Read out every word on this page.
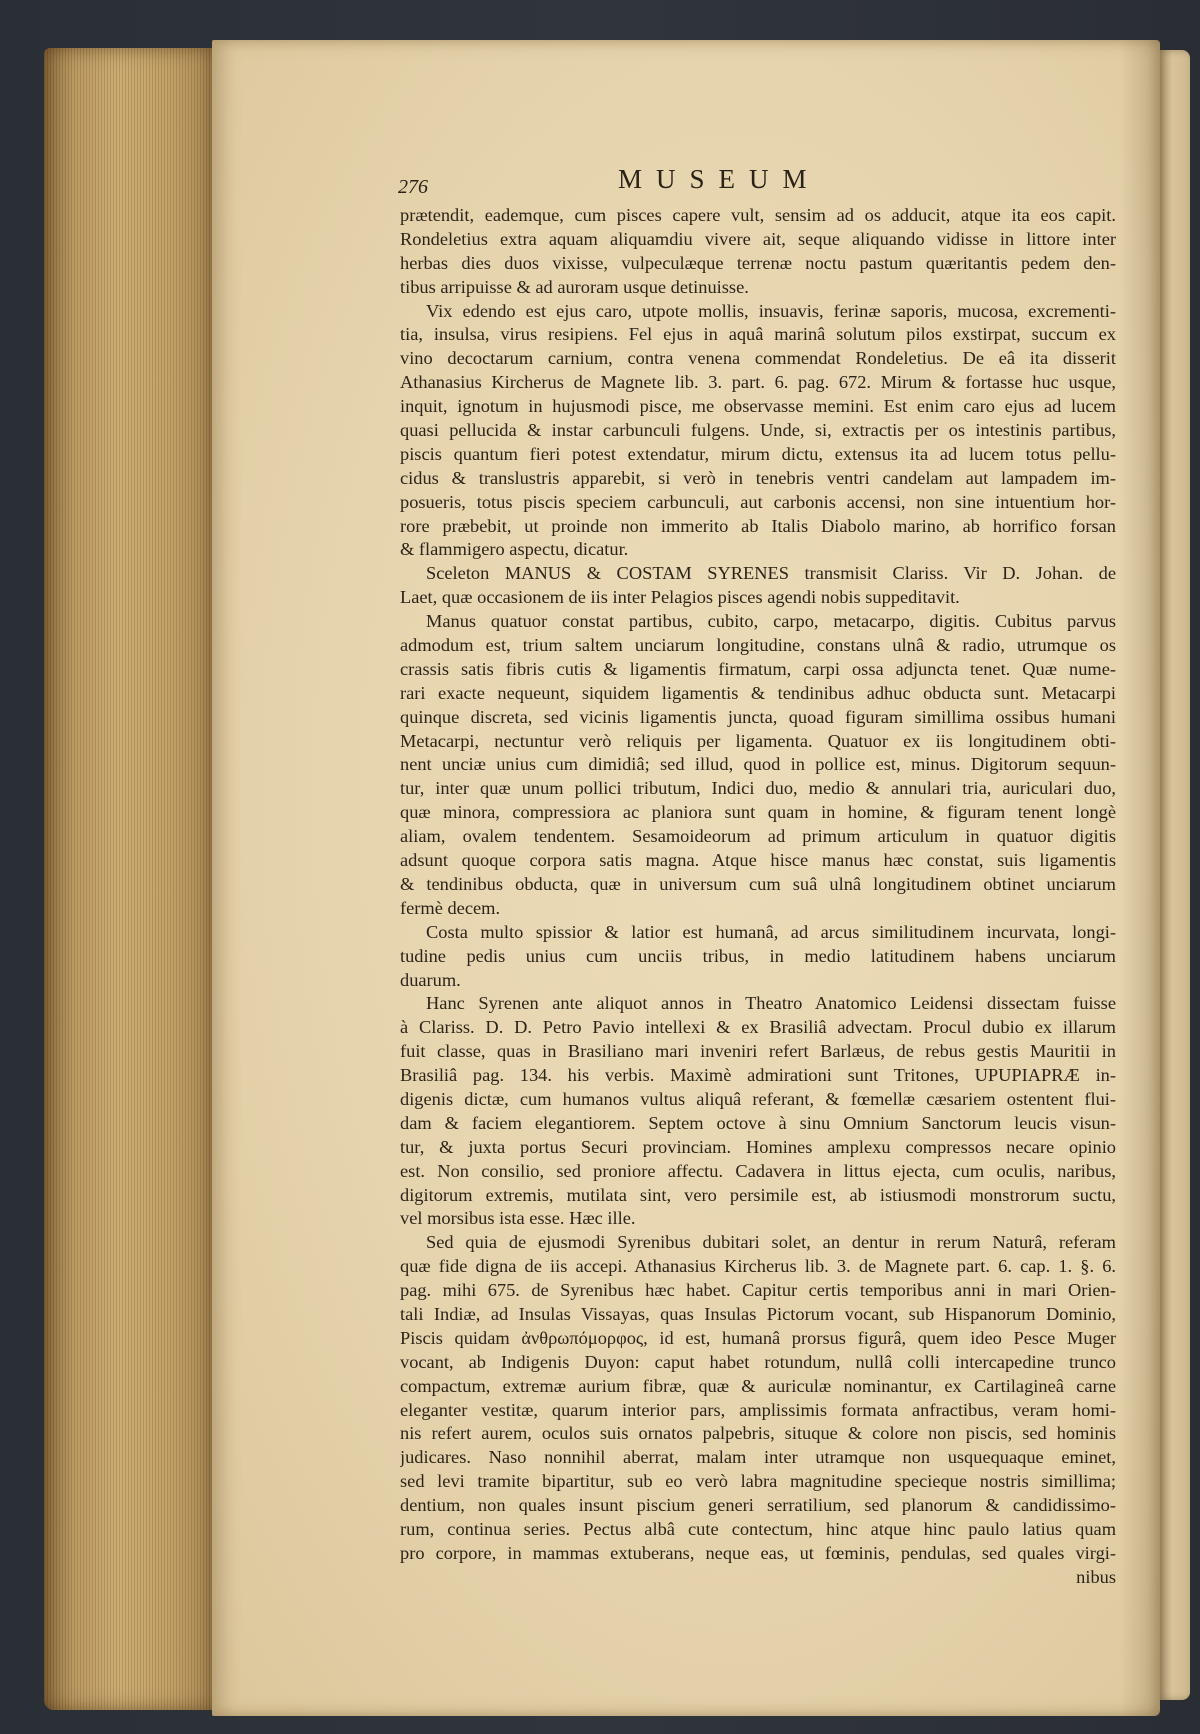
276	MUSEUM
prætendit, eademque, cum pisces capere vult, sensim ad os adducit, atque ita eos capit.
Rondeletius extra aquam aliquamdiu vivere ait, seque aliquando vidisse in littore inter
herbas dies duos vixisse, vulpeculæque terrenæ noctu pastum quæritantis pedem den-
tibus arripuisse & ad auroram usque detinuisse.
Vix edendo est ejus caro, utpote mollis, insuavis, ferinæ saporis, mucosa, excrementi-
tia, insulsa, virus resipiens. Fel ejus in aquâ marinâ solutum pilos exstirpat, succum ex
vino decoctarum carnium, contra venena commendat Rondeletius. De eâ ita disserit
Athanasius Kircherus de Magnete lib. 3. part. 6. pag. 672. Mirum & fortasse huc usque,
inquit, ignotum in hujusmodi pisce, me observasse memini. Est enim caro ejus ad lucem
quasi pellucida & instar carbunculi fulgens. Unde, si, extractis per os intestinis partibus,
piscis quantum fieri potest extendatur, mirum dictu, extensus ita ad lucem totus pellu-
cidus & translustris apparebit, si verò in tenebris ventri candelam aut lampadem im-
posueris, totus piscis speciem carbunculi, aut carbonis accensi, non sine intuentium hor-
rore præbebit, ut proinde non immerito ab Italis Diabolo marino, ab horrifico forsan
& flammigero aspectu, dicatur.
Sceleton MANUS & COSTAM SYRENES transmisit Clariss. Vir D. Johan. de
Laet, quæ occasionem de iis inter Pelagios pisces agendi nobis suppeditavit.
Manus quatuor constat partibus, cubito, carpo, metacarpo, digitis. Cubitus parvus
admodum est, trium saltem unciarum longitudine, constans ulnâ & radio, utrumque os
crassis satis fibris cutis & ligamentis firmatum, carpi ossa adjuncta tenet. Quæ nume-
rari exacte nequeunt, siquidem ligamentis & tendinibus adhuc obducta sunt. Metacarpi
quinque discreta, sed vicinis ligamentis juncta, quoad figuram simillima ossibus humani
Metacarpi, nectuntur verò reliquis per ligamenta. Quatuor ex iis longitudinem obti-
nent unciæ unius cum dimidiâ; sed illud, quod in pollice est, minus. Digitorum sequun-
tur, inter quæ unum pollici tributum, Indici duo, medio & annulari tria, auriculari duo,
quæ minora, compressiora ac planiora sunt quam in homine, & figuram tenent longè
aliam, ovalem tendentem. Sesamoideorum ad primum articulum in quatuor digitis
adsunt quoque corpora satis magna. Atque hisce manus hæc constat, suis ligamentis
& tendinibus obducta, quæ in universum cum suâ ulnâ longitudinem obtinet unciarum
fermè decem.
Costa multo spissior & latior est humanâ, ad arcus similitudinem incurvata, longi-
tudine pedis unius cum unciis tribus, in medio latitudinem habens unciarum
duarum.
Hanc Syrenen ante aliquot annos in Theatro Anatomico Leidensi dissectam fuisse
à Clariss. D. D. Petro Pavio intellexi & ex Brasiliâ advectam. Procul dubio ex illarum
fuit classe, quas in Brasiliano mari inveniri refert Barlæus, de rebus gestis Mauritii in
Brasiliâ pag. 134. his verbis. Maximè admirationi sunt Tritones, UPUPIAPRÆ in-
digenis dictæ, cum humanos vultus aliquâ referant, & fœmellæ cæsariem ostentent flui-
dam & faciem elegantiorem. Septem octove à sinu Omnium Sanctorum leucis visun-
tur, & juxta portus Securi provinciam. Homines amplexu compressos necare opinio
est. Non consilio, sed proniore affectu. Cadavera in littus ejecta, cum oculis, naribus,
digitorum extremis, mutilata sint, vero persimile est, ab istiusmodi monstrorum suctu,
vel morsibus ista esse. Hæc ille.
Sed quia de ejusmodi Syrenibus dubitari solet, an dentur in rerum Naturâ, referam
quæ fide digna de iis accepi. Athanasius Kircherus lib. 3. de Magnete part. 6. cap. 1. §. 6.
pag. mihi 675. de Syrenibus hæc habet. Capitur certis temporibus anni in mari Orien-
tali Indiæ, ad Insulas Vissayas, quas Insulas Pictorum vocant, sub Hispanorum Dominio,
Piscis quidam ἀνθρωπόμορφος, id est, humanâ prorsus figurâ, quem ideo Pesce Muger
vocant, ab Indigenis Duyon: caput habet rotundum, nullâ colli intercapedine trunco
compactum, extremæ aurium fibræ, quæ & auriculæ nominantur, ex Cartilagineâ carne
eleganter vestitæ, quarum interior pars, amplissimis formata anfractibus, veram homi-
nis refert aurem, oculos suis ornatos palpebris, situque & colore non piscis, sed hominis
judicares. Naso nonnihil aberrat, malam inter utramque non usquequaque eminet,
sed levi tramite bipartitur, sub eo verò labra magnitudine specieque nostris simillima;
dentium, non quales insunt piscium generi serratilium, sed planorum & candidissimo-
rum, continua series. Pectus albâ cute contectum, hinc atque hinc paulo latius quam
pro corpore, in mammas extuberans, neque eas, ut fœminis, pendulas, sed quales virgi-
nibus
